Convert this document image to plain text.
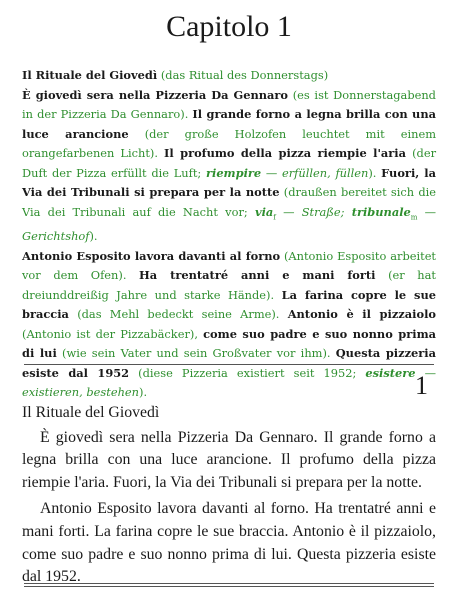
Capitolo 1

Il Rituale del Giovedì (das Ritual des Donnerstags)

È giovedì sera nella Pizzeria Da Gennaro (es ist Donnerstagabend in der Pizzeria Da Gennaro). Il grande forno a legna brilla con una luce arancione (der große Holzofen leuchtet mit einem orangefarbenen Licht). Il profumo della pizza riempie l'aria (der Duft der Pizza erfüllt die Luft; riempire — erfüllen, füllen). Fuori, la Via dei Tribunali si prepara per la notte (draußen bereitet sich die Via dei Tribunali auf die Nacht vor; via$_f$ — Straße; tribunale$_m$ — Gerichtshof).

Antonio Esposito lavora davanti al forno (Antonio Esposito arbeitet vor dem Ofen). Ha trentatré anni e mani forti (er hat dreiunddreißig Jahre und starke Hände). La farina copre le sue braccia (das Mehl bedeckt seine Arme). Antonio è il pizzaiolo (Antonio ist der Pizzabäcker), come suo padre e suo nonno prima di lui (wie sein Vater und sein Großvater vor ihm). Questa pizzeria esiste dal 1952 (diese Pizzeria existiert seit 1952; esistere — existieren, bestehen).	1

Il Rituale del Giovedì

È giovedì sera nella Pizzeria Da Gennaro. Il grande forno a legna brilla con una luce arancione. Il profumo della pizza riempie l'aria. Fuori, la Via dei Tribunali si prepara per la notte.

Antonio Esposito lavora davanti al forno. Ha trentatré anni e mani forti. La farina copre le sue braccia. Antonio è il pizzaiolo, come suo padre e suo nonno prima di lui. Questa pizzeria esiste dal 1952.
